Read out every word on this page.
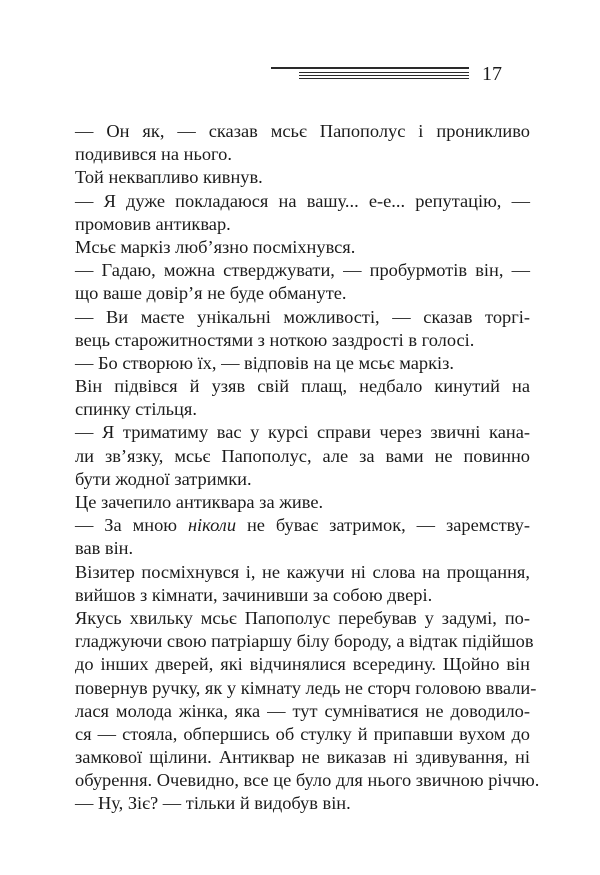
17
— Он як, — сказав мсьє Папополус і проникливо
подивився на нього.
Той неквапливо кивнув.
— Я дуже покладаюся на вашу... е-е... репутацію, —
промовив антиквар.
Мсьє маркіз люб’язно посміхнувся.
— Гадаю, можна стверджувати, — пробурмотів він, —
що ваше довір’я не буде обмануте.
— Ви маєте унікальні можливості, — сказав торгі-
вець старожитностями з ноткою заздрості в голосі.
— Бо створюю їх, — відповів на це мсьє маркіз.
Він підвівся й узяв свій плащ, недбало кинутий на
спинку стільця.
— Я триматиму вас у курсі справи через звичні кана-
ли зв’язку, мсьє Папополус, але за вами не повинно
бути жодної затримки.
Це зачепило антиквара за живе.
— За мною ніколи не буває затримок, — заремству-
вав він.
Візитер посміхнувся і, не кажучи ні слова на прощання,
вийшов з кімнати, зачинивши за собою двері.
Якусь хвильку мсьє Папополус перебував у задумі, по-
гладжуючи свою патріаршу білу бороду, а відтак підійшов
до інших дверей, які відчинялися всередину. Щойно він
повернув ручку, як у кімнату ледь не сторч головою ввали-
лася молода жінка, яка — тут сумніватися не доводило-
ся — стояла, обпершись об стулку й припавши вухом до
замкової щілини. Антиквар не виказав ні здивування, ні
обурення. Очевидно, все це було для нього звичною річчю.
— Ну, Зіє? — тільки й видобув він.
